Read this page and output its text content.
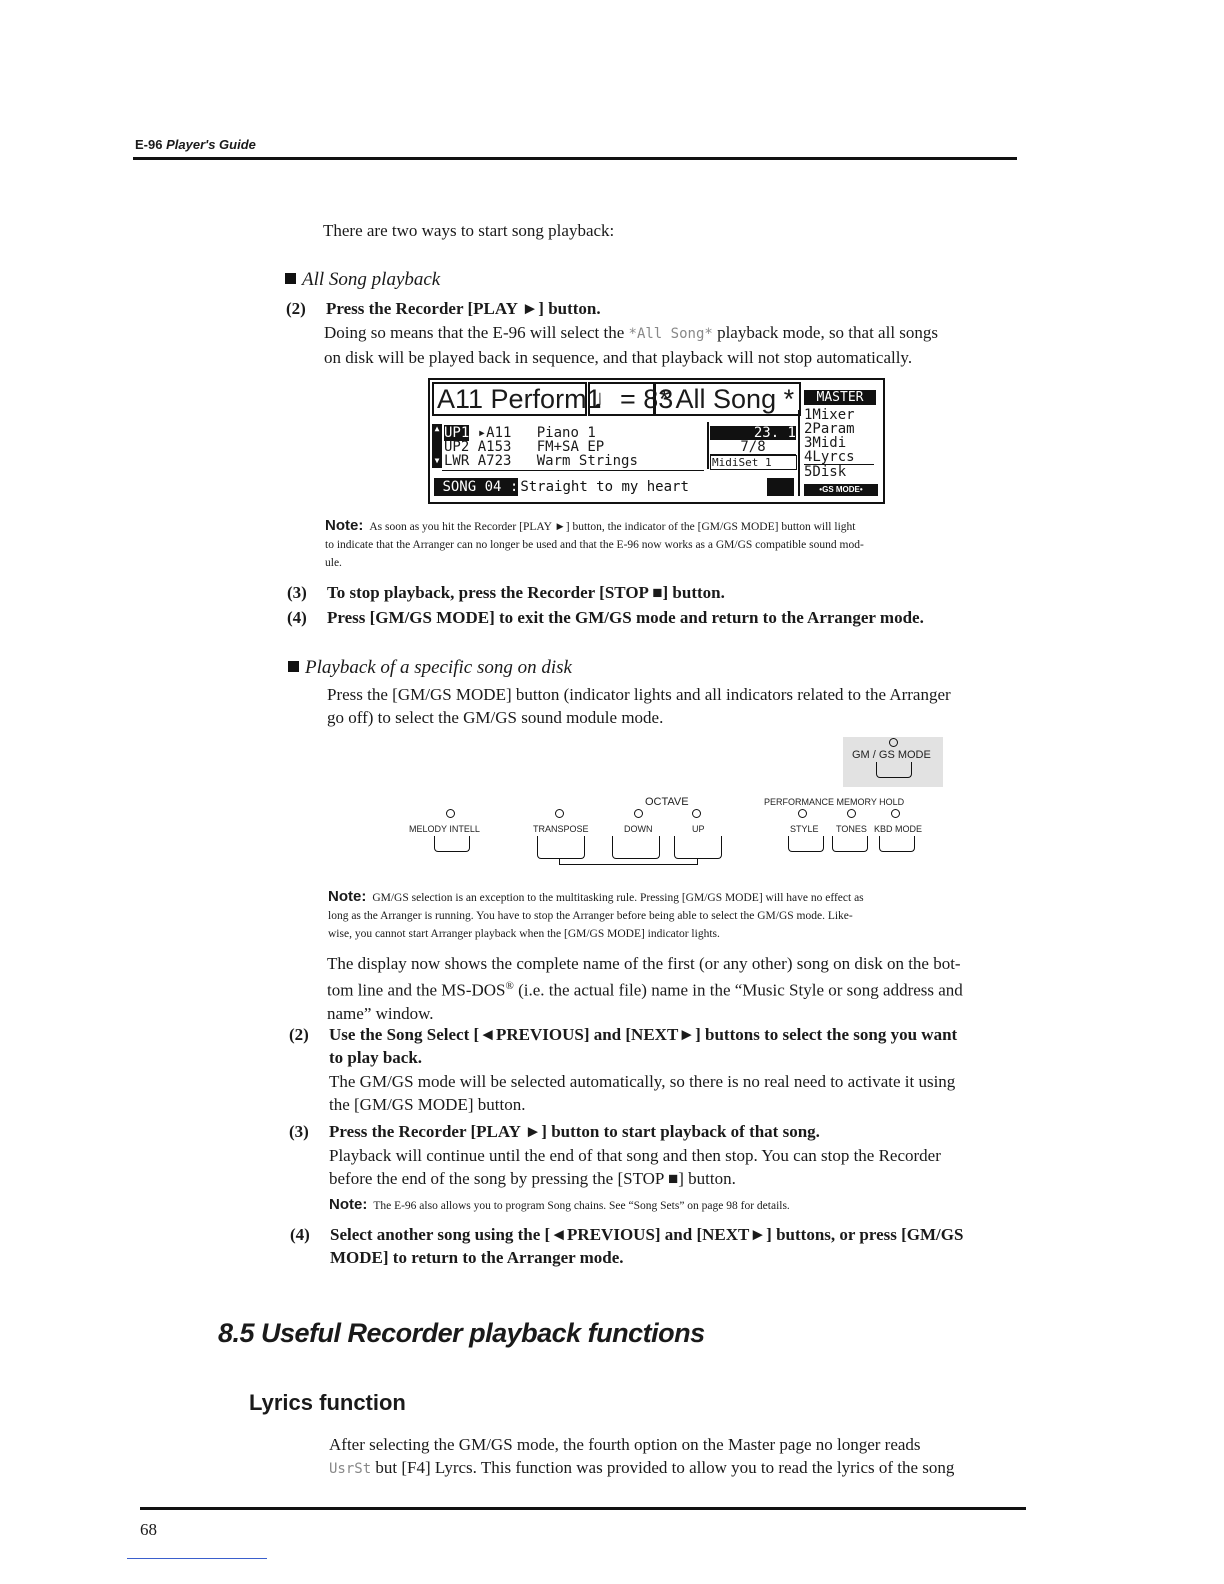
E-96 Player's Guide
There are two ways to start song playback:
All Song playback
(2) Press the Recorder [PLAY ►] button.
Doing so means that the E-96 will select the *All Song* playback mode, so that all songs
on disk will be played back in sequence, and that playback will not stop automatically.
A11 Perform1
♩= 83
* All Song *	MASTER
▲
▼
UP1 ▸A11 Piano 1
UP2 A153 FM+SA EP
LWR A723 Warm Strings
23. 1
7/8
MidiSet 1
1Mixer
2Param
3Midi
4Lyrcs
5Disk
SONG 04 : Straight to my heart	•GS MODE•
Note: As soon as you hit the Recorder [PLAY ►] button, the indicator of the [GM/GS MODE] button will light
to indicate that the Arranger can no longer be used and that the E-96 now works as a GM/GS compatible sound mod-
ule.
(3) To stop playback, press the Recorder [STOP ■] button.
(4) Press [GM/GS MODE] to exit the GM/GS mode and return to the Arranger mode.
Playback of a specific song on disk
Press the [GM/GS MODE] button (indicator lights and all indicators related to the Arranger
go off) to select the GM/GS sound module mode.
GM / GS MODE
OCTAVE	PERFORMANCE MEMORY HOLD
MELODY INTELL	TRANSPOSE	DOWN	UP	STYLE TONES KBD MODE
Note: GM/GS selection is an exception to the multitasking rule. Pressing [GM/GS MODE] will have no effect as
long as the Arranger is running. You have to stop the Arranger before being able to select the GM/GS mode. Like-
wise, you cannot start Arranger playback when the [GM/GS MODE] indicator lights.
The display now shows the complete name of the first (or any other) song on disk on the bot-
tom line and the MS-DOS® (i.e. the actual file) name in the “Music Style or song address and
name” window.
(2) Use the Song Select [◄PREVIOUS] and [NEXT►] buttons to select the song you want
to play back.
The GM/GS mode will be selected automatically, so there is no real need to activate it using
the [GM/GS MODE] button.
(3) Press the Recorder [PLAY ►] button to start playback of that song.
Playback will continue until the end of that song and then stop. You can stop the Recorder
before the end of the song by pressing the [STOP ■] button.
Note: The E-96 also allows you to program Song chains. See “Song Sets” on page 98 for details.
(4) Select another song using the [◄PREVIOUS] and [NEXT►] buttons, or press [GM/GS
MODE] to return to the Arranger mode.
8.5 Useful Recorder playback functions
Lyrics function
After selecting the GM/GS mode, the fourth option on the Master page no longer reads
UsrSt but [F4] Lyrcs. This function was provided to allow you to read the lyrics of the song
68
